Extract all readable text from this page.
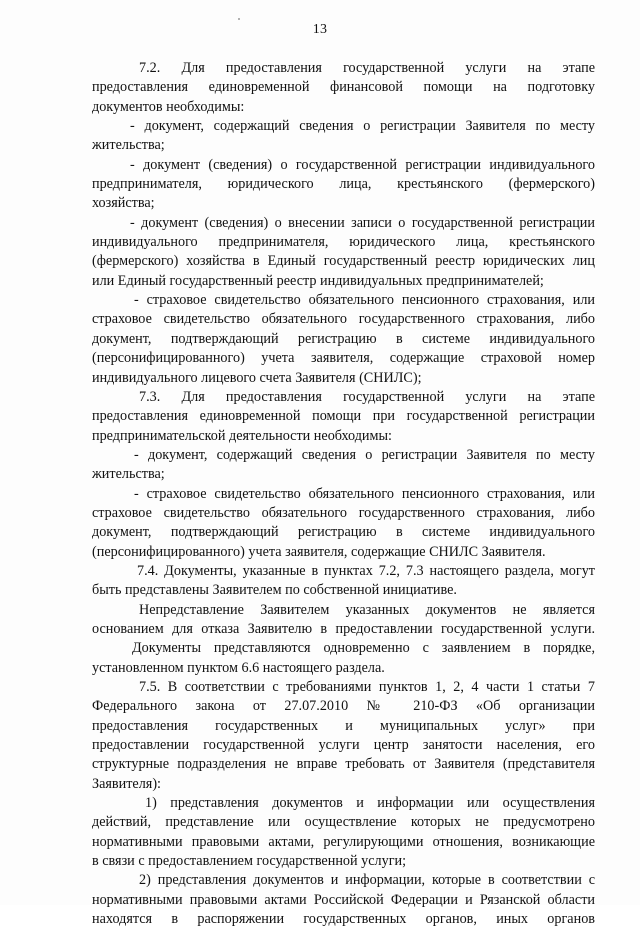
13
7.2. Для предоставления государственной услуги на этапе
предоставления единовременной финансовой помощи на подготовку
документов необходимы:
- документ, содержащий сведения о регистрации Заявителя по месту
жительства;
- документ (сведения) о государственной регистрации индивидуального
предпринимателя, юридического лица, крестьянского (фермерского)
хозяйства;
- документ (сведения) о внесении записи о государственной регистрации
индивидуального предпринимателя, юридического лица, крестьянского
(фермерского) хозяйства в Единый государственный реестр юридических лиц
или Единый государственный реестр индивидуальных предпринимателей;
- страховое свидетельство обязательного пенсионного страхования, или
страховое свидетельство обязательного государственного страхования, либо
документ, подтверждающий регистрацию в системе индивидуального
(персонифицированного) учета заявителя, содержащие страховой номер
индивидуального лицевого счета Заявителя (СНИЛС);
7.3. Для предоставления государственной услуги на этапе
предоставления единовременной помощи при государственной регистрации
предпринимательской деятельности необходимы:
- документ, содержащий сведения о регистрации Заявителя по месту
жительства;
- страховое свидетельство обязательного пенсионного страхования, или
страховое свидетельство обязательного государственного страхования, либо
документ, подтверждающий регистрацию в системе индивидуального
(персонифицированного) учета заявителя, содержащие СНИЛС Заявителя.
7.4. Документы, указанные в пунктах 7.2, 7.3 настоящего раздела, могут
быть представлены Заявителем по собственной инициативе.
Непредставление Заявителем указанных документов не является
основанием для отказа Заявителю в предоставлении государственной услуги.
Документы представляются одновременно с заявлением в порядке,
установленном пунктом 6.6 настоящего раздела.
7.5. В соответствии с требованиями пунктов 1, 2, 4 части 1 статьи 7
Федерального закона от 27.07.2010 № 210-ФЗ «Об организации
предоставления государственных и муниципальных услуг» при
предоставлении государственной услуги центр занятости населения, его
структурные подразделения не вправе требовать от Заявителя (представителя
Заявителя):
1) представления документов и информации или осуществления
действий, представление или осуществление которых не предусмотрено
нормативными правовыми актами, регулирующими отношения, возникающие
в связи с предоставлением государственной услуги;
2) представления документов и информации, которые в соответствии с
нормативными правовыми актами Российской Федерации и Рязанской области
находятся в распоряжении государственных органов, иных органов
